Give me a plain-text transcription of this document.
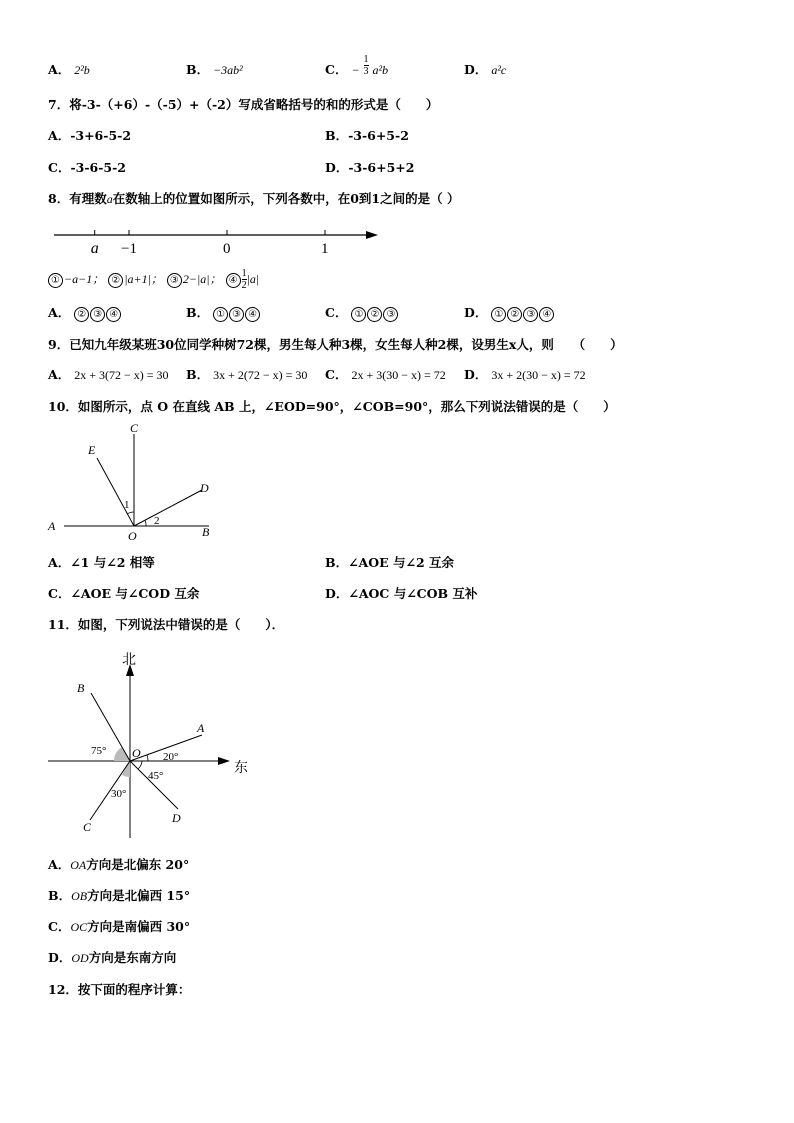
A． 2²b	B． −3ab²	C． − $\frac{1}{3} a^2b$	D． a²c
7．将-3-（+6）-（-5）+（-2）写成省略括号的和的形式是（　　）
A．-3+6-5-2	B．-3-6+5-2
C．-3-6-5-2	D．-3-6+5+2
8．有理数a在数轴上的位置如图所示，下列各数中，在0到1之间的是（ ）
a −1	0	1
① −a−1； ② |a+1|； ③ 2−|a|； ④ $\frac{1}{2} |a|$
A． ② ③ ④	B． ① ③ ④	C． ① ② ③	D． ① ② ③ ④
9．已知九年级某班30位同学种树72棵，男生每人种3棵，女生每人种2棵，设男生x人，则　　（　　）
A． 2x + 3(72 − x) = 30 B． 3x + 2(72 − x) = 30 C． 2x + 3(30 − x) = 72 D． 3x + 2(30 − x) = 72
10．如图所示，点 O 在直线 AB 上，∠EOD=90°，∠COB=90°，那么下列说法错误的是（　　）
C
E
D
A	B
O
1
2
A．∠1 与∠2 相等	B．∠AOE 与∠2 互余
C．∠AOE 与∠COD 互余	D．∠AOC 与∠COB 互补
11．如图，下列说法中错误的是（　　）．
北
东
A
B
C
D
O
75°	20°
45°
30°
A．OA方向是北偏东 20°
B．OB方向是北偏西 15°
C．OC方向是南偏西 30°
D．OD方向是东南方向
12．按下面的程序计算：
